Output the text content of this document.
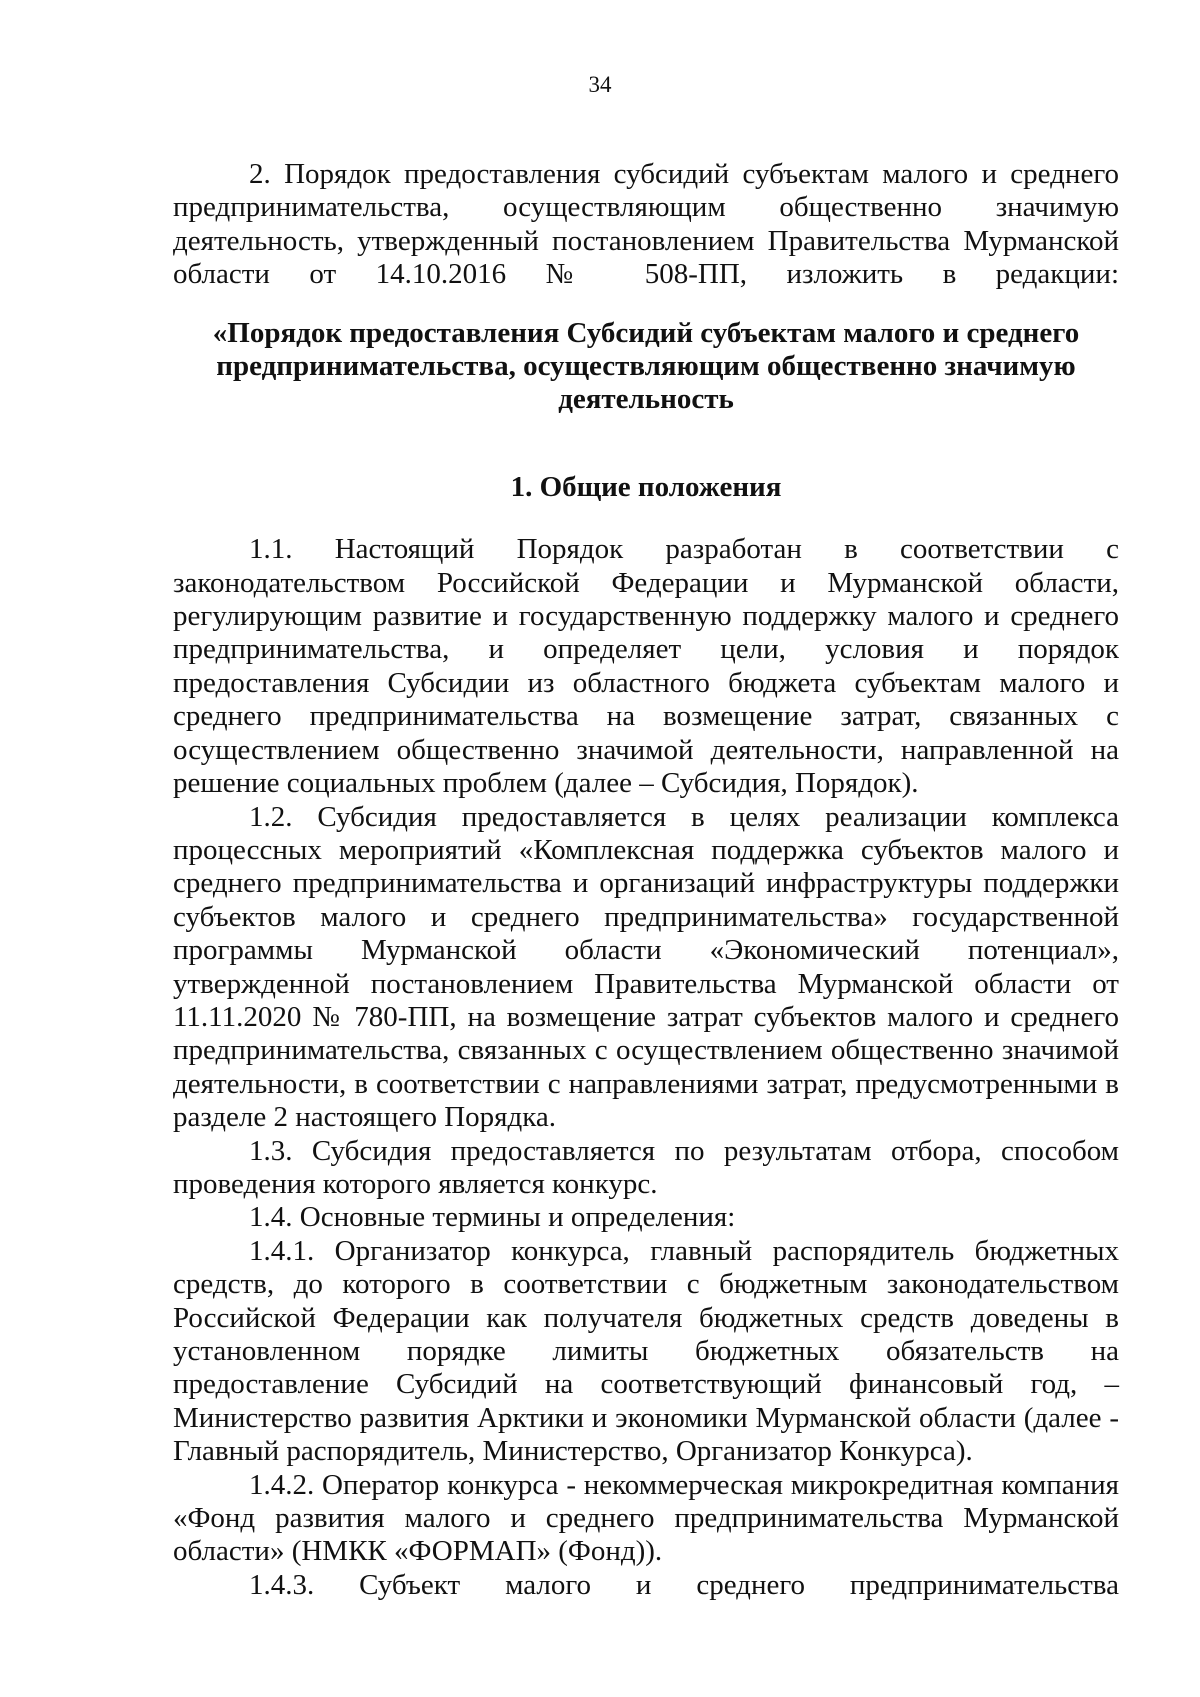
34

2. Порядок предоставления субсидий субъектам малого и среднего предпринимательства, осуществляющим общественно значимую деятельность, утвержденный постановлением Правительства Мурманской области от 14.10.2016 № 508-ПП, изложить в редакции:

«Порядок предоставления Субсидий субъектам малого и среднего
предпринимательства, осуществляющим общественно значимую
деятельность

1. Общие положения

1.1. Настоящий Порядок разработан в соответствии с законодательством Российской Федерации и Мурманской области, регулирующим развитие и государственную поддержку малого и среднего предпринимательства, и определяет цели, условия и порядок предоставления Субсидии из областного бюджета субъектам малого и среднего предпринимательства на возмещение затрат, связанных с осуществлением общественно значимой деятельности, направленной на решение социальных проблем (далее – Субсидия, Порядок).

1.2. Субсидия предоставляется в целях реализации комплекса процессных мероприятий «Комплексная поддержка субъектов малого и среднего предпринимательства и организаций инфраструктуры поддержки субъектов малого и среднего предпринимательства» государственной программы Мурманской области «Экономический потенциал», утвержденной постановлением Правительства Мурманской области от 11.11.2020 № 780-ПП, на возмещение затрат субъектов малого и среднего предпринимательства, связанных с осуществлением общественно значимой деятельности, в соответствии с направлениями затрат, предусмотренными в разделе 2 настоящего Порядка.

1.3. Субсидия предоставляется по результатам отбора, способом проведения которого является конкурс.

1.4. Основные термины и определения:

1.4.1. Организатор конкурса, главный распорядитель бюджетных средств, до которого в соответствии с бюджетным законодательством Российской Федерации как получателя бюджетных средств доведены в установленном порядке лимиты бюджетных обязательств на предоставление Субсидий на соответствующий финансовый год, – Министерство развития Арктики и экономики Мурманской области (далее - Главный распорядитель, Министерство, Организатор Конкурса).

1.4.2. Оператор конкурса - некоммерческая микрокредитная компания «Фонд развития малого и среднего предпринимательства Мурманской области» (НМКК «ФОРМАП» (Фонд)).

1.4.3. Субъект малого и среднего предпринимательства
